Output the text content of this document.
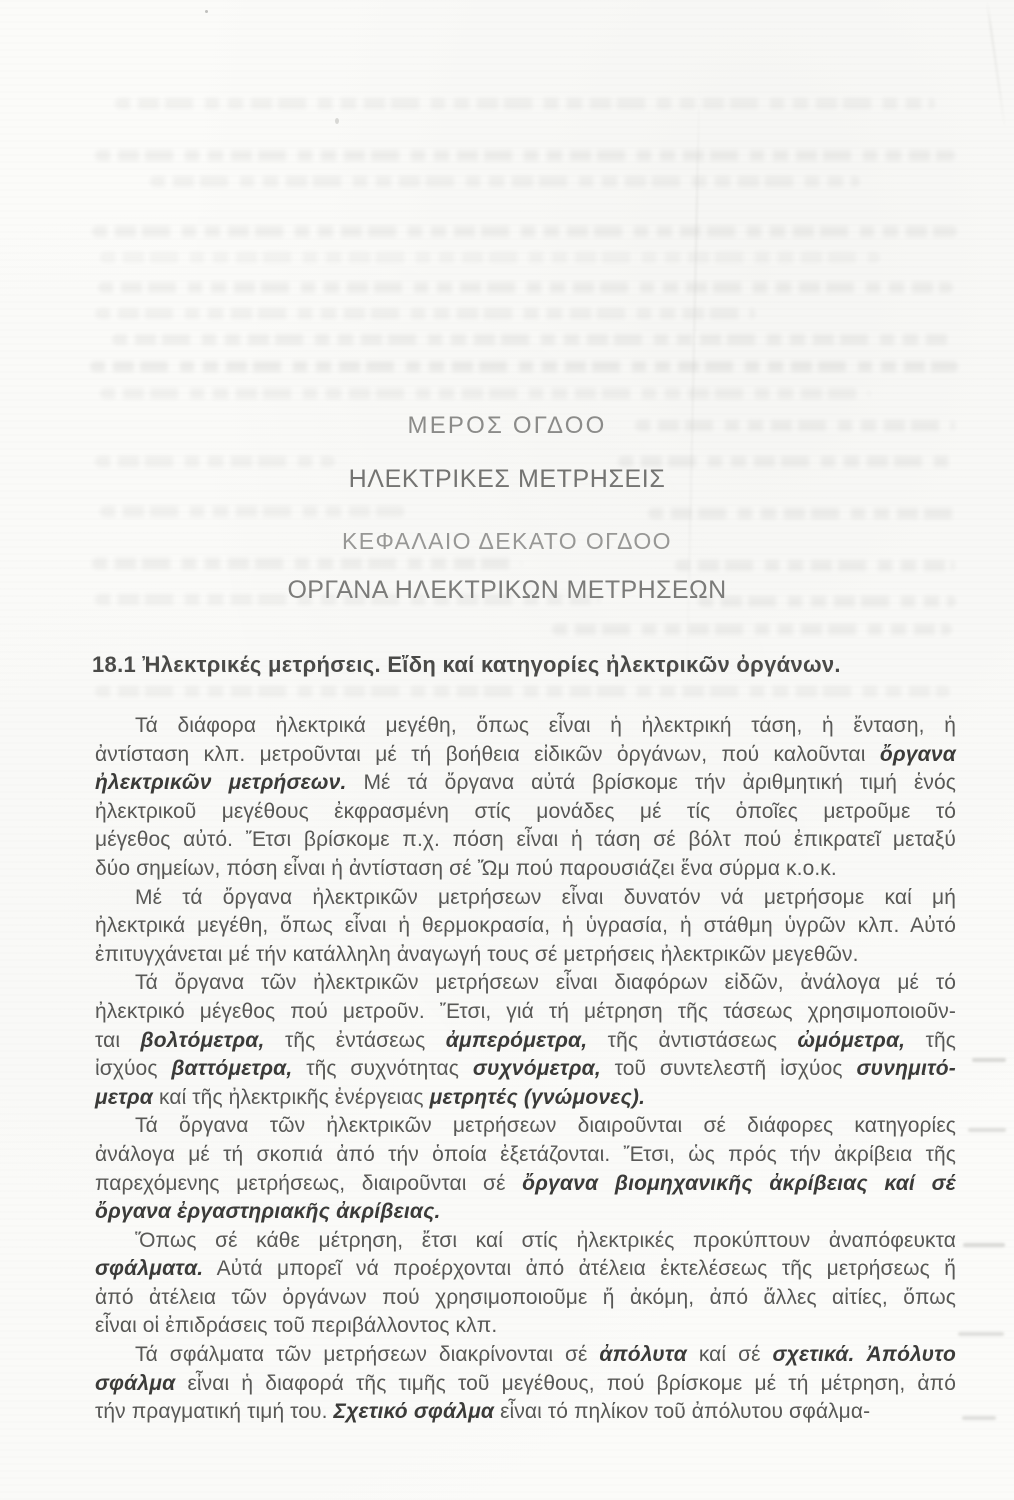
ΜΕΡΟΣ ΟΓΔΟΟ
ΗΛΕΚΤΡΙΚΕΣ ΜΕΤΡΗΣΕΙΣ
ΚΕΦΑΛΑΙΟ ΔΕΚΑΤΟ ΟΓΔΟΟ
ΟΡΓΑΝΑ ΗΛΕΚΤΡΙΚΩΝ ΜΕΤΡΗΣΕΩΝ
18.1 Ἠλεκτρικές μετρήσεις. Εἴδη καί κατηγορίες ἠλεκτρικῶν ὀργάνων.
Τά διάφορα ἠλεκτρικά μεγέθη, ὅπως εἶναι ἡ ἠλεκτρική τάση, ἡ ἔνταση, ἡ
ἀντίσταση κλπ. μετροῦνται μέ τή βοήθεια εἰδικῶν ὀργάνων, πού καλοῦνται ὄργανα
ἠλεκτρικῶν μετρήσεων. Μέ τά ὄργανα αὐτά βρίσκομε τήν ἀριθμητική τιμή ἑνός
ἠλεκτρικοῦ μεγέθους ἐκφρασμένη στίς μονάδες μέ τίς ὁποῖες μετροῦμε τό
μέγεθος αὐτό. Ἔτσι βρίσκομε π.χ. πόση εἶναι ἡ τάση σέ βόλτ πού ἐπικρατεῖ μεταξύ
δύο σημείων, πόση εἶναι ἡ ἀντίσταση σέ Ὤμ πού παρουσιάζει ἕνα σύρμα κ.ο.κ.
Μέ τά ὄργανα ἠλεκτρικῶν μετρήσεων εἶναι δυνατόν νά μετρήσομε καί μή
ἠλεκτρικά μεγέθη, ὅπως εἶναι ἡ θερμοκρασία, ἡ ὑγρασία, ἡ στάθμη ὑγρῶν κλπ. Αὐτό
ἐπιτυγχάνεται μέ τήν κατάλληλη ἀναγωγή τους σέ μετρήσεις ἠλεκτρικῶν μεγεθῶν.
Τά ὄργανα τῶν ἠλεκτρικῶν μετρήσεων εἶναι διαφόρων εἰδῶν, ἀνάλογα μέ τό
ἠλεκτρικό μέγεθος πού μετροῦν. Ἔτσι, γιά τή μέτρηση τῆς τάσεως χρησιμοποιοῦν-
ται βολτόμετρα, τῆς ἐντάσεως ἀμπερόμετρα, τῆς ἀντιστάσεως ὠμόμετρα, τῆς
ἰσχύος βαττόμετρα, τῆς συχνότητας συχνόμετρα, τοῦ συντελεστῆ ἰσχύος συνημιτό-
μετρα καί τῆς ἠλεκτρικῆς ἐνέργειας μετρητές (γνώμονες).
Τά ὄργανα τῶν ἠλεκτρικῶν μετρήσεων διαιροῦνται σέ διάφορες κατηγορίες
ἀνάλογα μέ τή σκοπιά ἀπό τήν ὁποία ἐξετάζονται. Ἔτσι, ὡς πρός τήν ἀκρίβεια τῆς
παρεχόμενης μετρήσεως, διαιροῦνται σέ ὄργανα βιομηχανικῆς ἀκρίβειας καί σέ
ὄργανα ἐργαστηριακῆς ἀκρίβειας.
Ὅπως σέ κάθε μέτρηση, ἔτσι καί στίς ἠλεκτρικές προκύπτουν ἀναπόφευκτα
σφάλματα. Αὐτά μπορεῖ νά προέρχονται ἀπό ἀτέλεια ἐκτελέσεως τῆς μετρήσεως ἤ
ἀπό ἀτέλεια τῶν ὀργάνων πού χρησιμοποιοῦμε ἤ ἀκόμη, ἀπό ἄλλες αἰτίες, ὅπως
εἶναι οἱ ἐπιδράσεις τοῦ περιβάλλοντος κλπ.
Τά σφάλματα τῶν μετρήσεων διακρίνονται σέ ἀπόλυτα καί σέ σχετικά. Ἀπόλυτο
σφάλμα εἶναι ἡ διαφορά τῆς τιμῆς τοῦ μεγέθους, πού βρίσκομε μέ τή μέτρηση, ἀπό
τήν πραγματική τιμή του. Σχετικό σφάλμα εἶναι τό πηλίκον τοῦ ἀπόλυτου σφάλμα-
